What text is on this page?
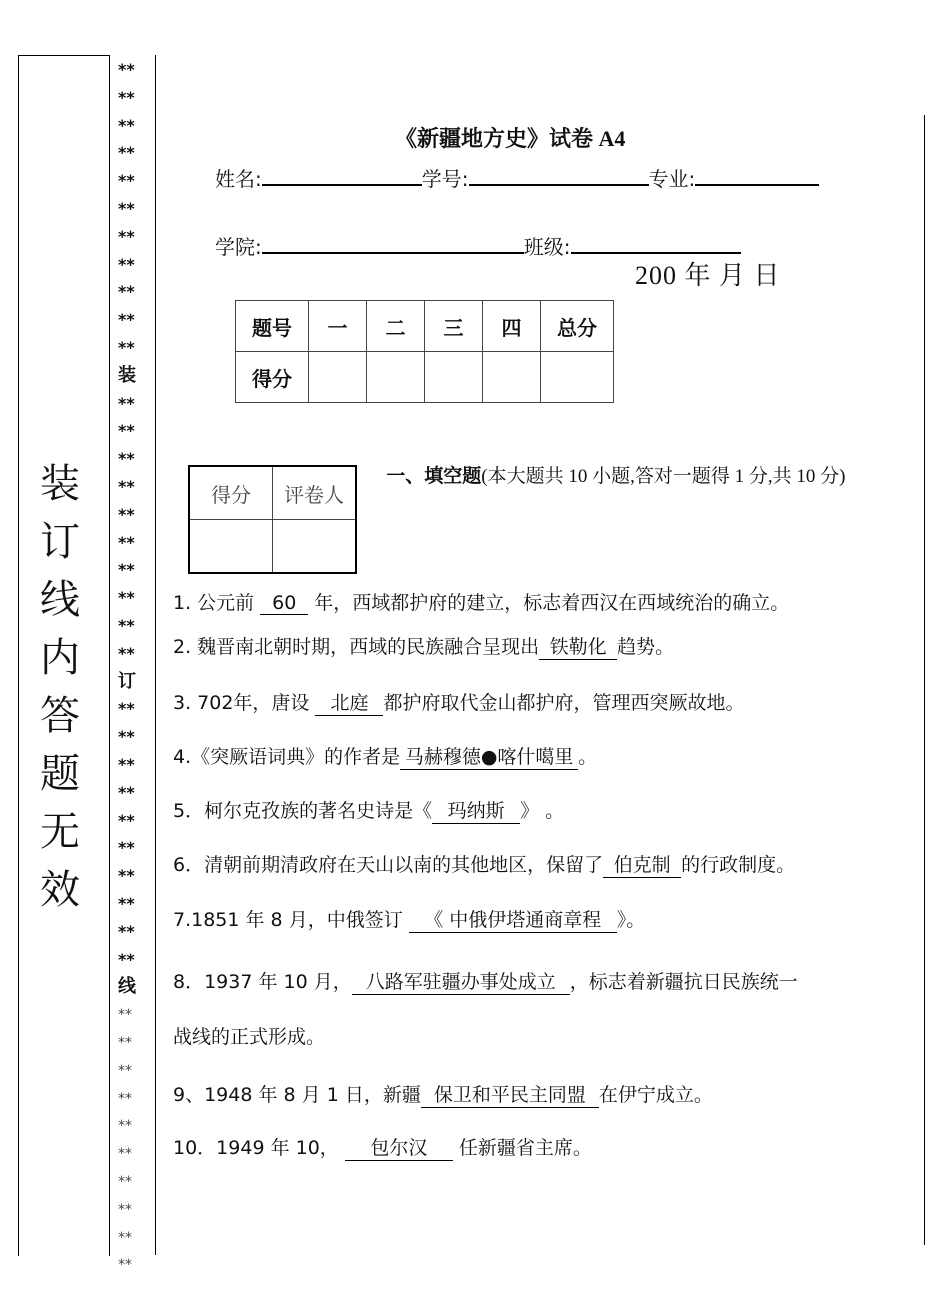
装
订
线
内
答
题
无
效
**
**
**
**
**
**
**
**
**
**
**
装
**
**
**
**
**
**
**
**
**
**
订
**
**
**
**
**
**
**
**
**
**
线
**
**
**
**
**
**
**
**
**
**
《新疆地方史》试卷 A4
姓名:	学号:	专业:
学院:	班级:
200 年 月 日
题号	一	二	三	四	总分
得分					
得分	评卷人

一、填空题(本大题共 10 小题,答对一题得 1 分,共 10 分)
1. 公元前 60 年，西域都护府的建立，标志着西汉在西域统治的确立。
2. 魏晋南北朝时期，西域的民族融合呈现出 铁勒化 趋势。
3. 702年，唐设 北庭 都护府取代金山都护府，管理西突厥故地。
4.《突厥语词典》的作者是 马赫穆德●喀什噶里 。
5．柯尔克孜族的著名史诗是《 玛纳斯 》 。
6．清朝前期清政府在天山以南的其他地区，保留了 伯克制 的行政制度。
7.1851 年 8 月，中俄签订 《 中俄伊塔通商章程 》。
8．1937 年 10 月， 八路军驻疆办事处成立 ，标志着新疆抗日民族统一
战线的正式形成。
9、1948 年 8 月 1 日，新疆 保卫和平民主同盟 在伊宁成立。
10．1949 年 10， 包尔汉 任新疆省主席。
